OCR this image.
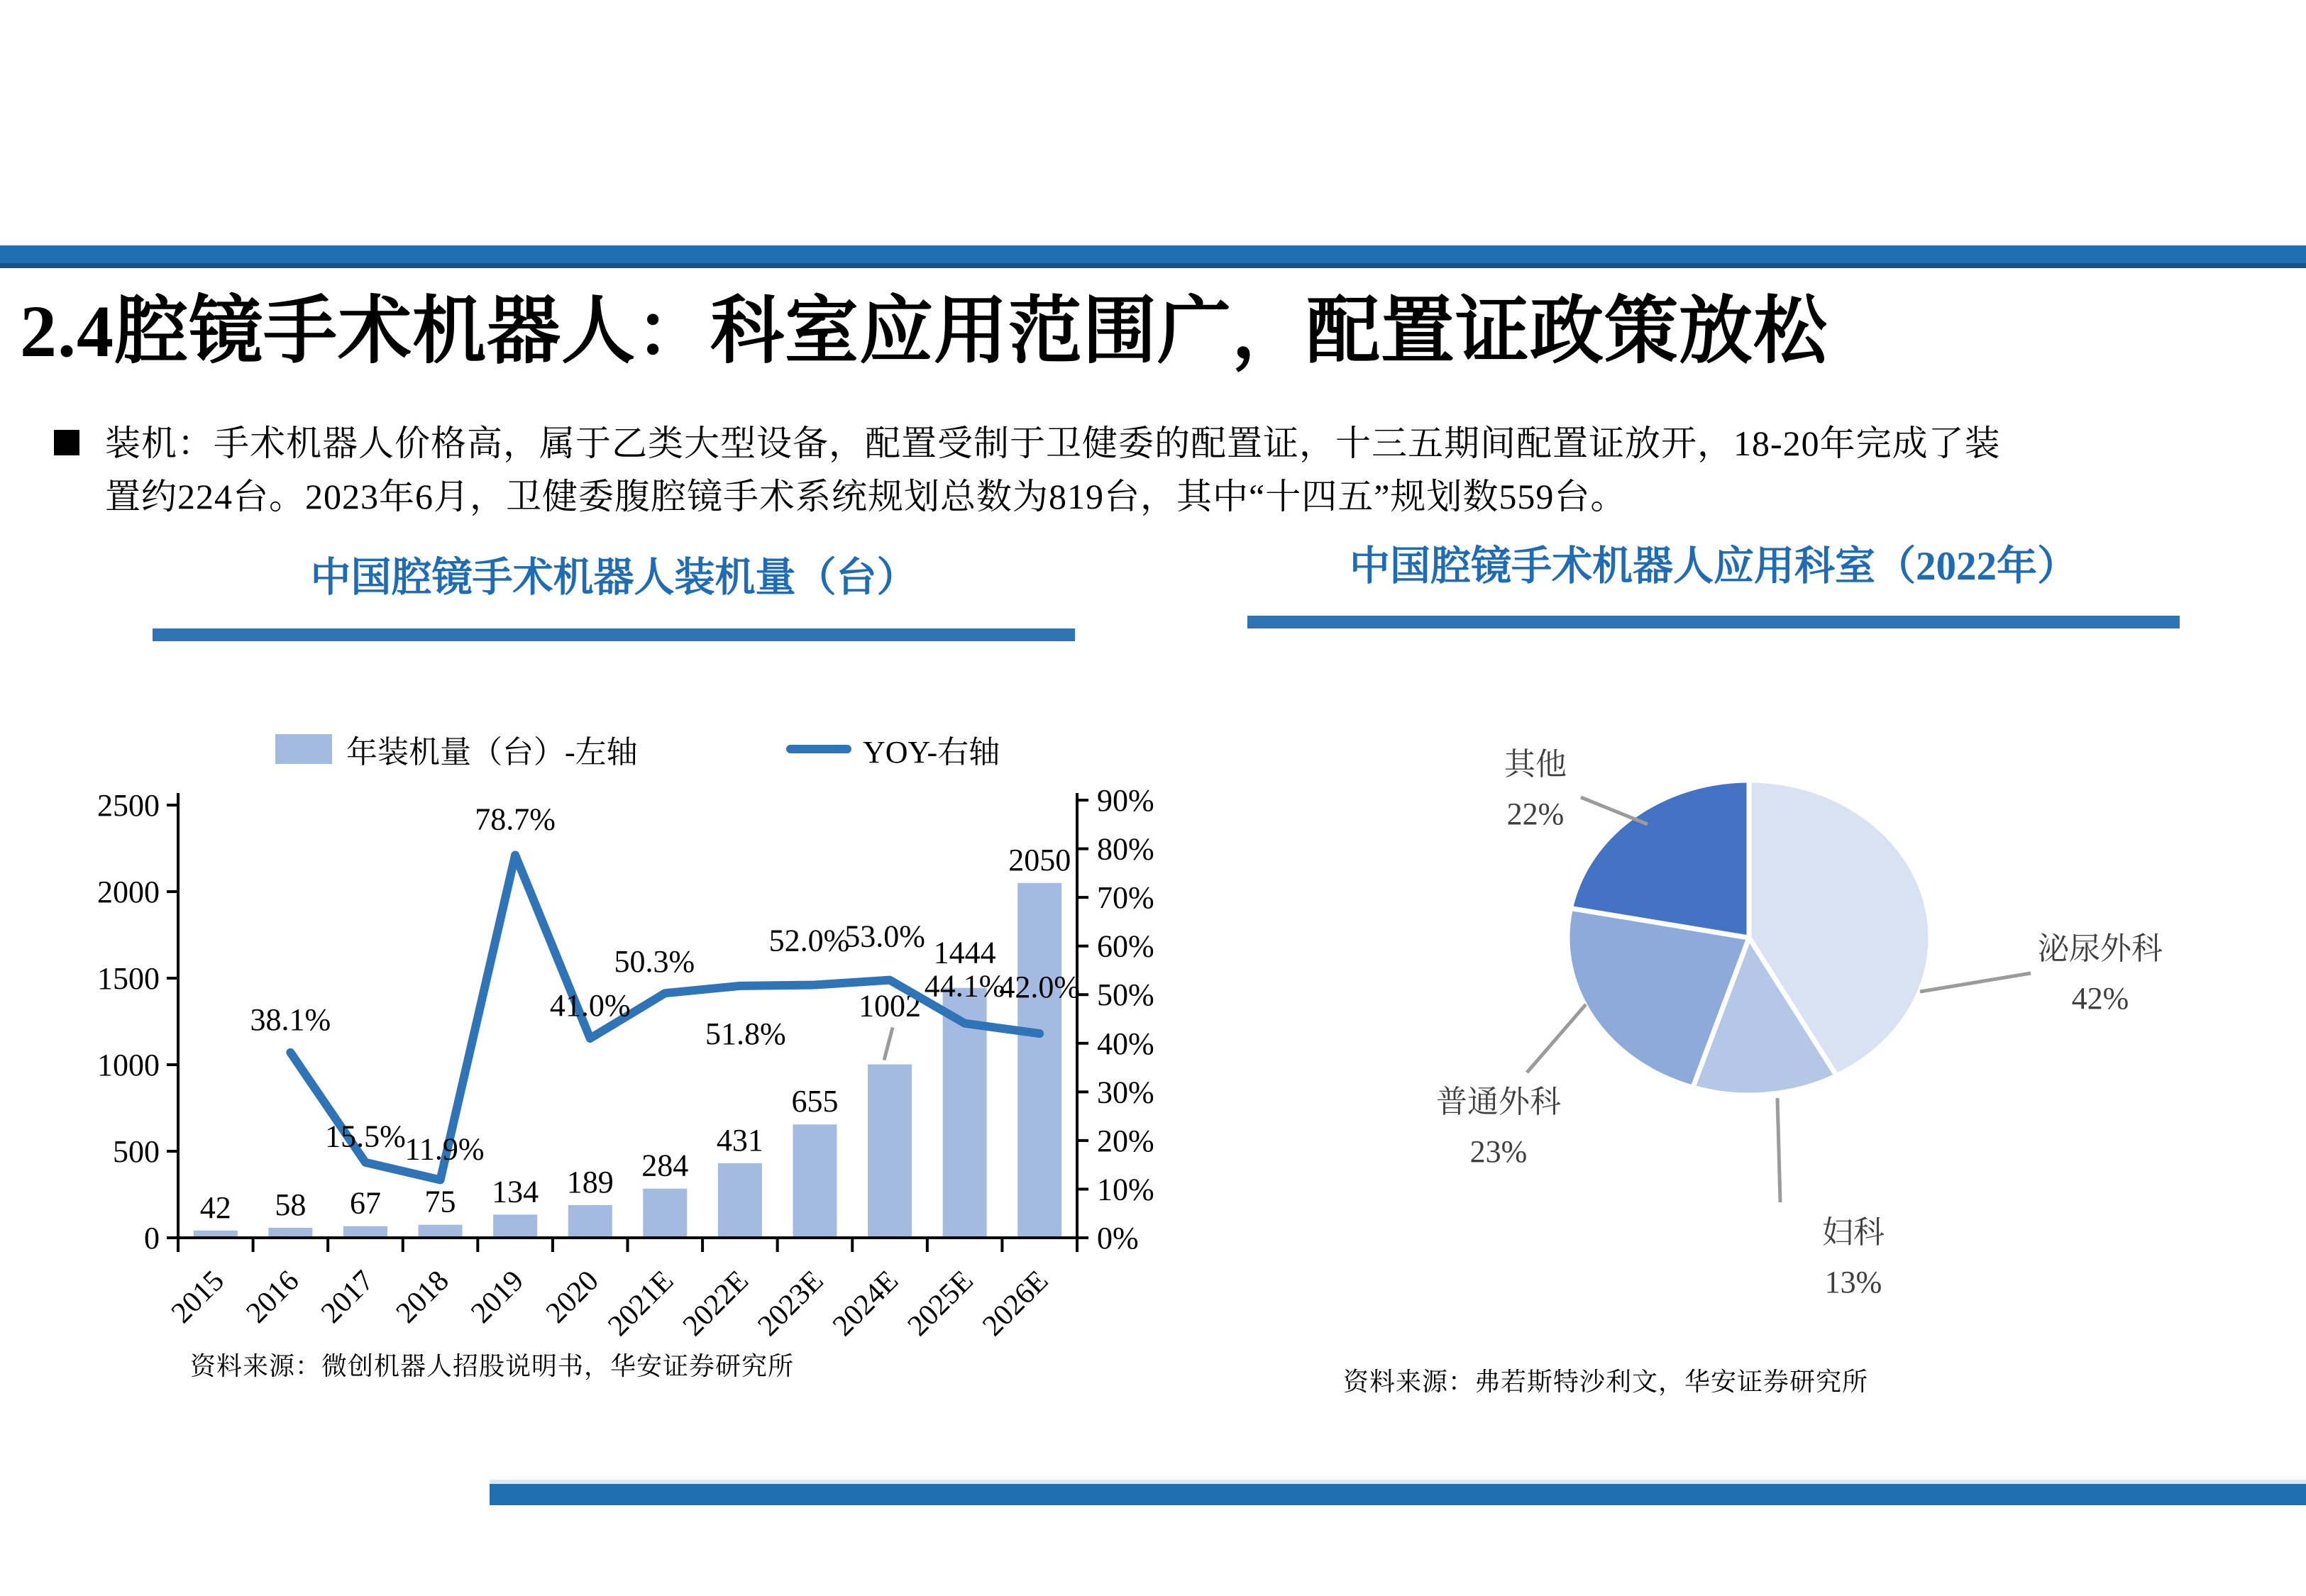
2.4腔镜手术机器人：科室应用范围广，配置证政策放松
装机：手术机器人价格高，属于乙类大型设备，配置受制于卫健委的配置证，十三五期间配置证放开，18-20年完成了装
置约224台。2023年6月，卫健委腹腔镜手术系统规划总数为819台，其中“十四五”规划数559台。
中国腔镜手术机器人装机量（台）	中国腔镜手术机器人应用科室（2022年）
年装机量（台）-左轴	YOY-右轴
42 58 67 75 134 189 284
431
655
1002
1444
2050
38.1%
15.5%
11.9%
78.7%
41.0%
50.3%
51.8%
52.0%
53.0%
44.1%
42.0%
0
500
1000
1500
2000
2500
0%
10%
20%
30%
40%
50%
60%
70%
80%
90%
2015 2016 2017 2018 2019 2020
2021E
2022E
2023E
2024E
2025E
2026E
泌尿外科
42%
妇科
13%
普通外科
23%
其他
22%
资料来源：微创机器人招股说明书，华安证券研究所
资料来源：弗若斯特沙利文，华安证券研究所
